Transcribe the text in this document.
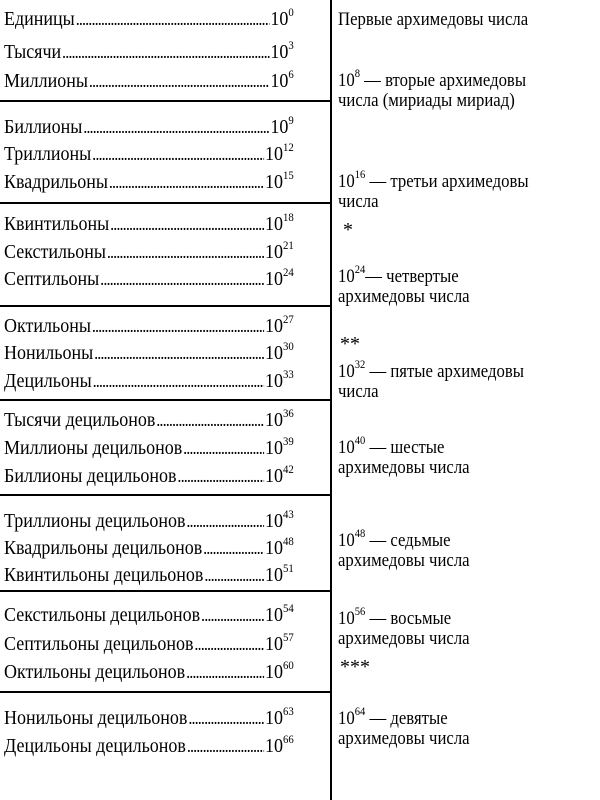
Единицы .....	$10^0$
Тысячи .....	$10^3$
Миллионы .....	$10^6$
Биллионы .....	$10^9$
Триллионы .....	$10^{12}$
Квадрильоны .....	$10^{15}$
Квинтильоны .....	$10^{18}$
Секстильоны .....	$10^{21}$
Септильоны .....	$10^{24}$
Октильоны .....	$10^{27}$
Нонильоны .....	$10^{30}$
Децильоны .....	$10^{33}$
Тысячи децильонов .....	$10^{36}$
Миллионы децильонов .....	$10^{39}$
Биллионы децильонов .....	$10^{42}$
Триллионы децильонов .....	$10^{43}$
Квадрильоны децильонов .....	$10^{48}$
Квинтильоны децильонов .....	$10^{51}$
Секстильоны децильонов .....	$10^{54}$
Септильоны децильонов .....	$10^{57}$
Октильоны децильонов .....	$10^{60}$
Нонильоны децильонов .....	$10^{63}$
Децильоны децильонов .....	$10^{66}$
Первые архимедовы числа
$10^8$ — вторые архимедовы
числа (мириады мириад)
$10^{16}$ — третьи архимедовы
числа
$10^{24}—$ четвертые
архимедовы числа
$10^{32}$ — пятые архимедовы
числа
$10^{40}$ — шестые
архимедовы числа
$10^{48}$ — седьмые
архимедовы числа
$10^{56}$ — восьмые
архимедовы числа
$10^{64}$ — девятые
архимедовы числа
*
**
***
